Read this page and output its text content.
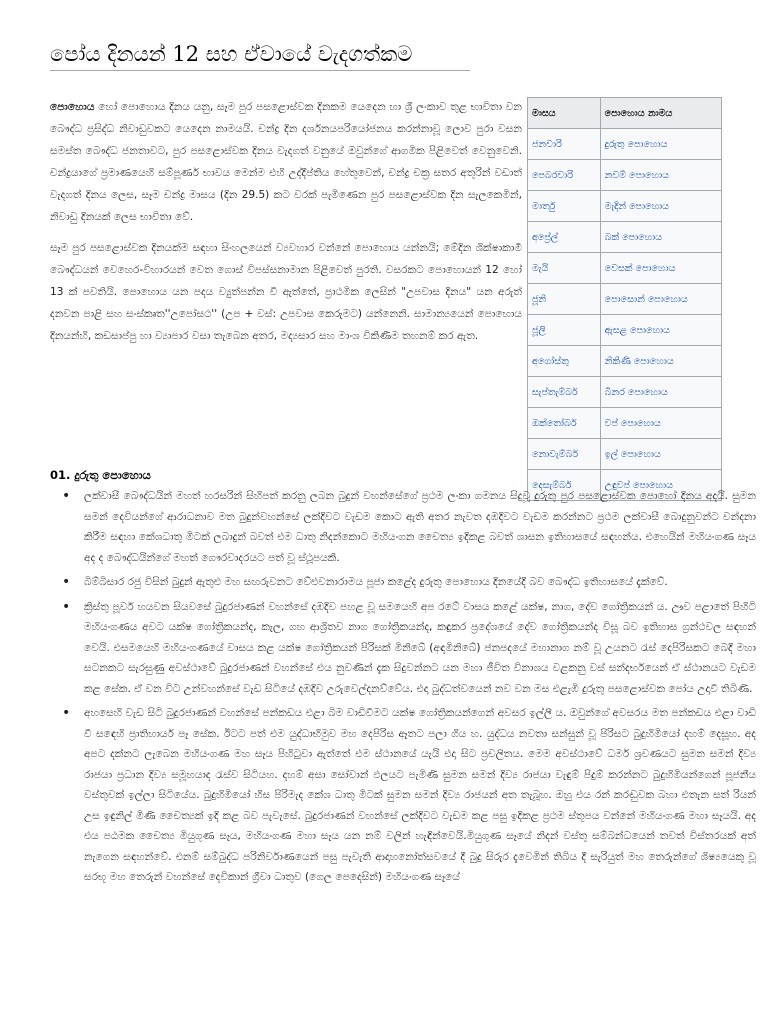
පෝය දිනයන් 12 සහ ඒවායේ වැදගත්කම

පොහොය හෝ පොහොය දිනය යනු, සෑම පුර පසළොස්වක දිනකම යෙදෙන හා ශ්‍රී ලංකාව තුළ භාවිතා වන බෞද්ධ ප්‍රසිද්ධ නිවාඩුවකට යෙදෙන නාමයයි. චන්ද්‍ර දින දර්ශනයපරියෝජනය කරන්නාවූ ලොව පුරා වසන සමස්ත බෞද්ධ ජනතාවට, පුර පසළොස්වක දිනය වැදගත් වනුයේ ඔවුන්ගේ ආගමික පිළිවෙත් වෙනුවෙනි. චන්ද්‍රයාගේ ප්‍රමාණයෙහි සම්පූර්ණ භාවය මෙන්ම එහි උද්දීප්තිය හේතුවෙන්, චන්ද්‍ර චක්‍ර සතර අතුරින් වඩාත් වැදගත් දිනය ලෙස, සෑම චන්ද්‍ර මාසය (දින 29.5) කට වරක් පැමිණෙන පුර පසළොස්වක දින සැලකෙමින්, නිවාඩු දිනයක් ලෙස භාවිතා වේ.

සෑම පුර පසළොස්වක දිනයක්ම සඳහා සිංහලයෙන් ව්‍යවහාර වන්නේ පොහොය යන්නයි; මේදින ශික්ෂාකාමී බෞද්ධයන් වෙහෙර-විහාරයන් වෙත ගොස් විපස්සනාමාන පිළිවෙත් පුරති. වසරකට පොහොයන් 12 හෝ 13 ක් පවතියි. පොහොය යන පදය ව්‍යුත්පන්න වී ඇත්තේ, ප්‍රාථමික ලෙසින් "උපවාස දිනය" යන අරුත් දනවන පාළි සහ සංස්කෘත''උපෝසථ'' (උප + වස්: උපවාස කෙරුමට) යන්නෙනි. සාමාන්‍යයෙන් පොහොය දිනයන්හි, කඩසාප්පු හා ව්‍යාපාර වසා තැබෙන අතර, මද්‍යසාර සහ මාංශ විකිණීම තහනම් කර ඇත.

මාසය	පොහොය නාමය
ජනවාරි	දුරුතු පොහොය
පෙබරවාරි	නවම් පොහොය
මාර්තු	මැදින් පොහොය
අප්‍රේල්	බක් පොහොය
මැයි	වෙසක් පොහොය
ජූනි	පොසොන් පොහොය
ජූලි	ඇසළ පොහොය
අගෝස්තු	නිකිණි පොහොය
සැප්තැම්බර්	බිනර පොහොය
ඔක්තෝබර්	වප් පොහොය
නොවැම්බර්	ඉල් පොහොය
දෙසැම්බර්	උඳුවප් පොහොය
01. දුරුතු පොහොය
• ලක්වාසී බෞද්ධයින් මහත් හරසරින් සිහිපත් කරනු ලබන බුදුන් වහන්සේගේ ප්‍රථම ලංකා ගමනය සිදුවූ දුරුතු පුර පසළොස්වක පොහෝ දිනය අදයි. සුමන සමන් දෙවියන්ගේ ආරාධනාව මත බුදුන්වහන්සේ ලක්දිවට වැඩම කොට ඇති අතර නැවත දඹදිවට වැඩම කරන්නට ප්‍රථම ලක්වාසී බොදුනුවන්ට වන්දනා කිරීම සඳහා කේශධාතු මිටක් ලබාදුන් බවත් එම ධාතු නිදන්කොට මහියංගන චෛත්‍ය ඉදිකළ බවත් ශාසන ඉතිහාසයේ සඳහන්ය. එහෙයින් මහියංගණ සෑය අද ද බෞද්ධයින්ගේ මහත් ගෞරවාදරයට පත් වූ ස්ථූපයකි.
• බිම්බිසාර රජු විසින් බුදුන් ඇතුළු මහ සඟරුවනට වේළුවනාරාමය පූජා කළේද දුරුතු පොහොය දිනයේදී බව බෞද්ධ ඉතිහාසයේ දැක්වේ.
• ක්‍රිස්තු පූර්ව හයවන සියවසේ බුදුරජාණන් වහන්සේ දඹදිව පහළ වූ සමයෙහි අප රටේ වාසය කළේ යක්ෂ, නාග, දේව ගෝත්‍රිකයන් ය. ඌව පළාතේ පිහිටි මහියංගණය අවට යක්ෂ ගෝත්‍රිකයන්ද, කැල, ගහ ආශ්‍රිතව නාග ගෝත්‍රිකයන්ද, කඳුකර ප්‍රදේශයේ දේව ගෝත්‍රිකයන්ද විසූ බව ඉතිහාස ග්‍රන්ථවල සඳහන් වෙයි. එසමයෙහි මහියංගණයේ වාසය කළ යක්ෂ ගෝත්‍රිකයන් පිරිසක් මිනිබේ (අඳමිනිබේ) ජනපදයේ මහානාග නම් වූ උයනට රැස් දෙපිරිසකට බෙදී මහා සටනකට සැරසුණු අවස්ථාවේ බුදුරජාණන් වහන්සේ එය නුවණින් දැක සිදුවන්නට යන මහා ජීවිත විනාශය වළකනු වස් සන්දර්භයෙන් ඒ ස්ථානයට වැඩම කළ සේක. ඒ වන විට උන්වහන්සේ වැඩ සිටියේ දඹදිව උරුවෙල්දනව්වේය. එදා බුද්ධත්වයෙන් නව වන මස එළැඹි දුරුතු පසළොස්වක පෝය උදාවී තිබිණි.
• අහසෙහි වැඩ සිටි බුදුරජාණන් වහන්සේ පන්කඩය එළා බිම වාඩිවීමට යක්ෂ ගෝත්‍රිකයන්ගෙන් අවසර ඉල්ලී ය. ඔවුන්ගේ අවසරය මත පන්කඩය එළා වාඩි වී සඳෙහි ප්‍රාතිහාර්ය පෑ සේක. ඊටට පත් එම යුද්ධාභිමුව මහ දෙපිරිස ඈතට පලා ගිය හ. යුද්ධය නවතා සන්සුන් වූ පිරිසට බුදුහිමියෝ දහම් දෙසූහ. අද අපට දක්නට ලැබෙන මහියංගණ මහ සෑය පිහිටුවා ඇත්තේ එම ස්ථානයේ යැයි එදා සිට ප්‍රචලිතය. මෙම අවස්ථාවේ ධර්ම ශ්‍රවණයට සුමන සමන් දිව්‍ය රාජයා ප්‍රධාන දිව්‍ය සමූහයාද රැස්ව සිටියහ. දහම් අසා සෝවාන් ඵලයට පැමිණි සුමන සමන් දිව්‍ය රාජයා වැඳුම් පිදුම් කරන්නට බුදුහිමියන්ගෙන් පූජනීය වස්තුවක් ඉල්ලා සිටියේය. බුදුහිමියෝ හිස පිරිමැද කේශ ධාතු මිටක් සුමන සමන් දිව්‍ය රාජයන් අත තැබූහ. ඔහු එය රන් කරඬුවක බහා එතැන සත් රියන් උස ඉඳුනිල් මිණි චෛත්‍යක් ඉදි කළ බව පැවැසේ. බුදුරජාණන් වහන්සේ ලක්දිවට වැඩම කළ පසු ඉදිකළ ප්‍රථම ස්තූපය වන්නේ මහියංගණ මහා සෑයයි. අද එය පඨමක චෛත්‍ය මියුගුණ සෑය, මහියංගණ මහා සෑය යන නම් වලින් හැඳින්වෙයි.මියුගුණ සෑයේ නිදන් වස්තු සම්බන්ධයෙන් තවත් විස්තරයක් අත් නැගෙන සඳහන්වේ. එනම් සම්බුද්ධ පරිනිර්වාණයෙන් පසු පැවැති ආදාහනෝත්සවයේ දී බුදු සිරුර දැවෙමින් තිබිය දී සැරියුත් මහ තෙරුන්ගේ ශිෂ්‍යයෙකු වූ සරභූ මහ තෙරුන් වහන්සේ දෙවිකාන් ග්‍රීවා ධාතුව (ගෙල පෙදෙසින්) මහියංගණ සෑයේ
